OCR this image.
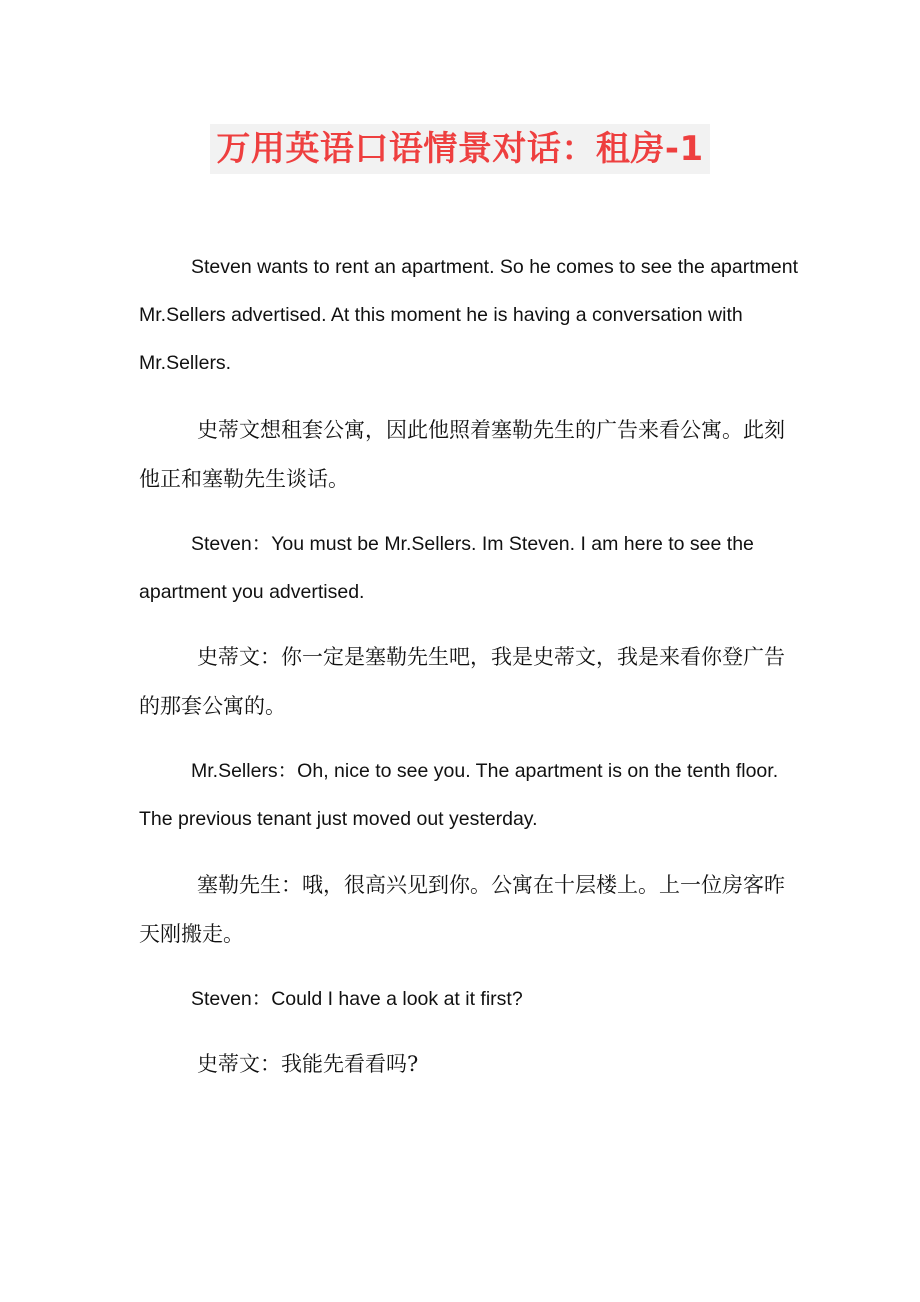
万用英语口语情景对话：租房-1

Steven wants to rent an apartment. So he comes to see the apartment Mr.Sellers advertised. At this moment he is having a conversation with Mr.Sellers.

史蒂文想租套公寓，因此他照着塞勒先生的广告来看公寓。此刻他正和塞勒先生谈话。

Steven：You must be Mr.Sellers. Im Steven. I am here to see the apartment you advertised.

史蒂文：你一定是塞勒先生吧，我是史蒂文，我是来看你登广告的那套公寓的。

Mr.Sellers：Oh, nice to see you. The apartment is on the tenth floor. The previous tenant just moved out yesterday.

塞勒先生：哦，很高兴见到你。公寓在十层楼上。上一位房客昨天刚搬走。

Steven：Could I have a look at it first?

史蒂文：我能先看看吗?
